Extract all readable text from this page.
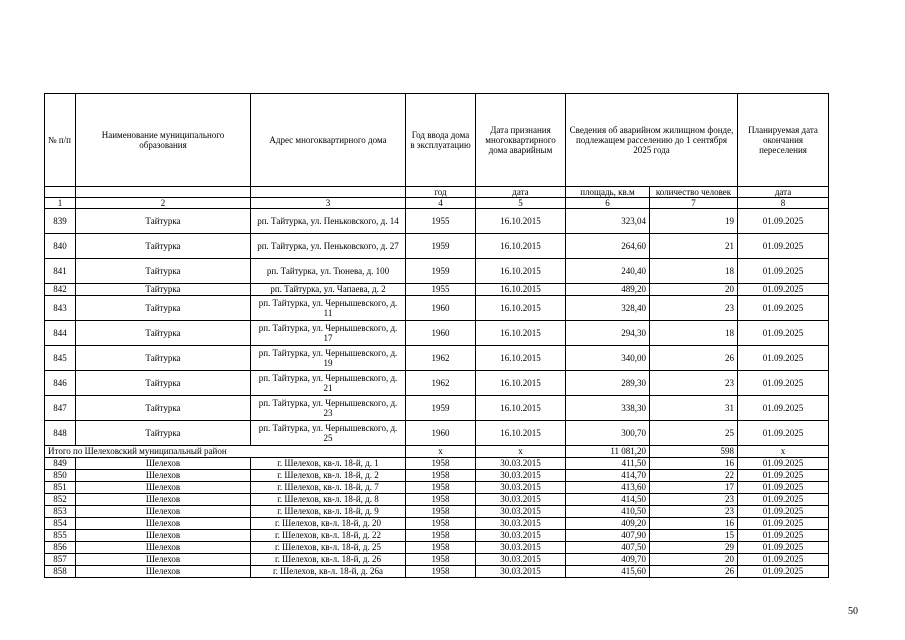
№ п/п	Наименование муниципального образования	Адрес многоквартирного дома	Год ввода дома в эксплуатацию	Дата признания многоквартирного дома аварийным	Сведения об аварийном жилищном фонде, подлежащем расселению до 1 сентября 2025 года		Планируемая дата окончания переселения
			год	дата	площадь, кв.м	количество человек	дата
1	2	3	4	5	6	7	8
839	Тайтурка	рп. Тайтурка, ул. Пеньковского, д. 14	1955	16.10.2015	323,04	19	01.09.2025
840	Тайтурка	рп. Тайтурка, ул. Пеньковского, д. 27	1959	16.10.2015	264,60	21	01.09.2025
841	Тайтурка	рп. Тайтурка, ул. Тюнева, д. 100	1959	16.10.2015	240,40	18	01.09.2025
842	Тайтурка	рп. Тайтурка, ул. Чапаева, д. 2	1955	16.10.2015	489,20	20	01.09.2025
843	Тайтурка	рп. Тайтурка, ул. Чернышевского, д. 11	1960	16.10.2015	328,40	23	01.09.2025
844	Тайтурка	рп. Тайтурка, ул. Чернышевского, д. 17	1960	16.10.2015	294,30	18	01.09.2025
845	Тайтурка	рп. Тайтурка, ул. Чернышевского, д. 19	1962	16.10.2015	340,00	26	01.09.2025
846	Тайтурка	рп. Тайтурка, ул. Чернышевского, д. 21	1962	16.10.2015	289,30	23	01.09.2025
847	Тайтурка	рп. Тайтурка, ул. Чернышевского, д. 23	1959	16.10.2015	338,30	31	01.09.2025
848	Тайтурка	рп. Тайтурка, ул. Чернышевского, д. 25	1960	16.10.2015	300,70	25	01.09.2025
Итого по Шелеховский муниципальный район			x	x	11 081,20	598	x
849	Шелехов	г. Шелехов, кв-л. 18-й, д. 1	1958	30.03.2015	411,50	16	01.09.2025
850	Шелехов	г. Шелехов, кв-л. 18-й, д. 2	1958	30.03.2015	414,70	22	01.09.2025
851	Шелехов	г. Шелехов, кв-л. 18-й, д. 7	1958	30.03.2015	413,60	17	01.09.2025
852	Шелехов	г. Шелехов, кв-л. 18-й, д. 8	1958	30.03.2015	414,50	23	01.09.2025
853	Шелехов	г. Шелехов, кв-л. 18-й, д. 9	1958	30.03.2015	410,50	23	01.09.2025
854	Шелехов	г. Шелехов, кв-л. 18-й, д. 20	1958	30.03.2015	409,20	16	01.09.2025
855	Шелехов	г. Шелехов, кв-л. 18-й, д. 22	1958	30.03.2015	407,90	15	01.09.2025
856	Шелехов	г. Шелехов, кв-л. 18-й, д. 25	1958	30.03.2015	407,50	29	01.09.2025
857	Шелехов	г. Шелехов, кв-л. 18-й, д. 26	1958	30.03.2015	409,70	20	01.09.2025
858	Шелехов	г. Шелехов, кв-л. 18-й, д. 26а	1958	30.03.2015	415,60	26	01.09.2025
50
